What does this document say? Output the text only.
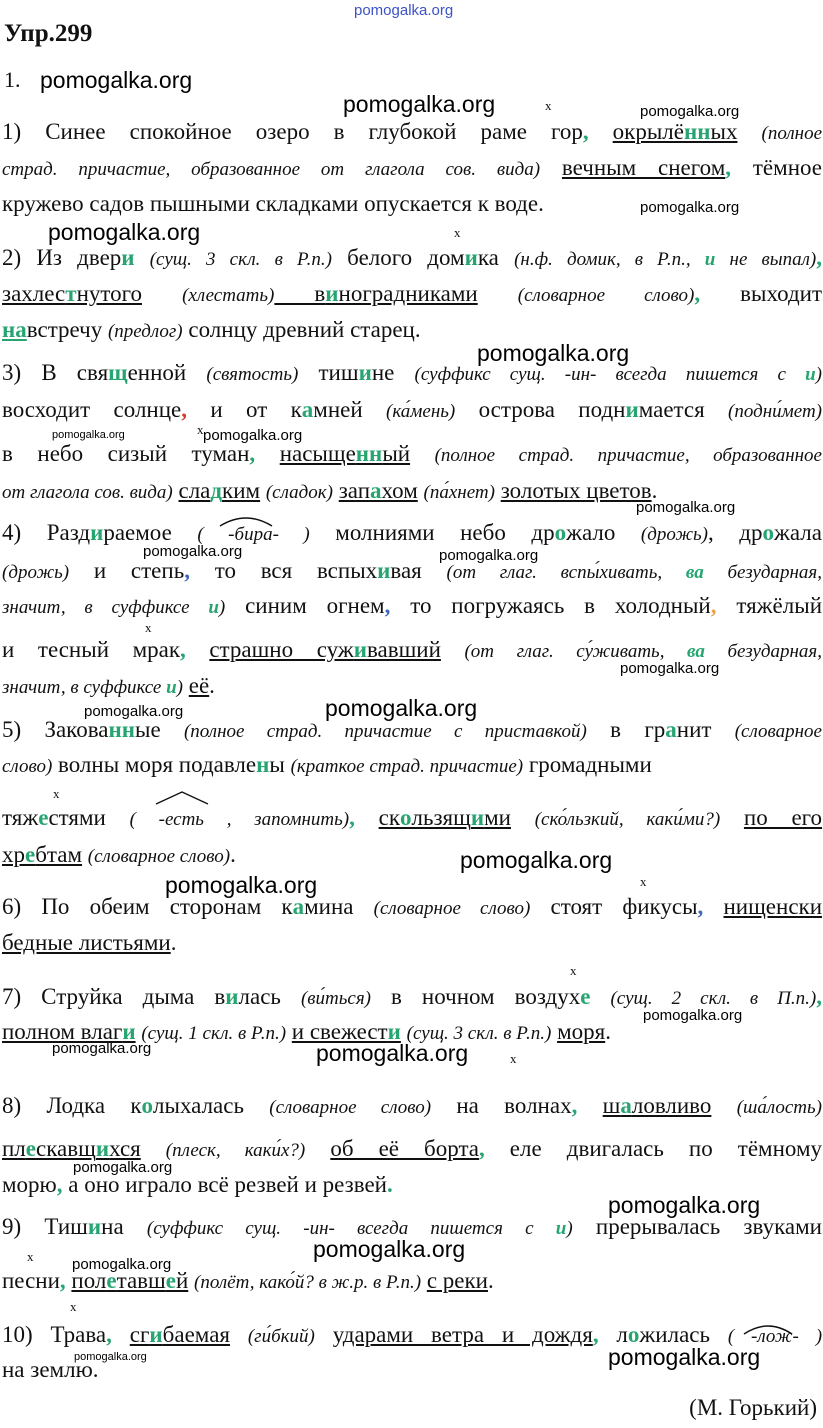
pomogalka.org
pomogalka.org
pomogalka.org	x	pomogalka.org
pomogalka.org
pomogalka.org	x
pomogalka.org
pomogalka.org	x pomogalka.org
pomogalka.org
pomogalka.org	pomogalka.org
x
pomogalka.org
pomogalka.org	pomogalka.org
x
pomogalka.org
pomogalka.org	x
x
pomogalka.org
pomogalka.org	pomogalka.org	x
pomogalka.org
pomogalka.org
pomogalka.org
x	pomogalka.org
x
pomogalka.org	pomogalka.org
Упр.299
1.
1) Синее спокойное озеро в глубокой раме гор, окрылённых (полное
страд. причастие, образованное от глагола сов. вида) вечным снегом, тёмное
кружево садов пышными складками опускается к воде.
2) Из двери (сущ. 3 скл. в Р.п.) белого домика (н.ф. домик, в Р.п., и не выпал),
захлестнутого (хлестать) виноградниками (словарное слово), выходит
навстречу (предлог) солнцу древний старец.
3) В священной (святость) тишине (суффикс сущ. -ин- всегда пишется с и)
восходит солнце, и от камней (ка́мень) острова поднимается (подни́мет)
в небо сизый туман, насыщенный (полное страд. причастие, образованное
от глагола сов. вида) сладким (сладок) запахом (па́хнет) золотых цветов.
4) Раздираемое ( -бира- ) молниями небо дрожало (дрожь), дрожала
(дрожь) и степь, то вся вспыхивая (от глаг. вспы́хивать, ва безударная,
значит, в суффиксе и) синим огнем, то погружаясь в холодный, тяжёлый
и тесный мрак, страшно суживавший (от глаг. су́живать, ва безударная,
значит, в суффиксе и) её.
5) Закованные (полное страд. причастие с приставкой) в гранит (словарное
слово) волны моря подавлены (краткое страд. причастие) громадными
тяжестями ( -есть , запомнить), скользящими (ско́льзкий, каки́ми?) по его
хребтам (словарное слово).
6) По обеим сторонам камина (словарное слово) стоят фикусы, нищенски
бедные листьями.
7) Струйка дыма вилась (ви́ться) в ночном воздухе (сущ. 2 скл. в П.п.),
полном влаги (сущ. 1 скл. в Р.п.) и свежести (сущ. 3 скл. в Р.п.) моря.
8) Лодка колыхалась (словарное слово) на волнах, шаловливо (ша́лость)
плескавщихся (плеск, каки́х?) об её борта, еле двигалась по тёмному
морю, а оно играло всё резвей и резвей.
9) Тишина (суффикс сущ. -ин- всегда пишется с и) прерывалась звуками
песни, полетавшей (полёт, како́й? в ж.р. в Р.п.) с реки.
10) Трава, сгибаемая (ги́бкий) ударами ветра и дождя, ложилась ( -лож- )
на землю.
(М. Горький)
